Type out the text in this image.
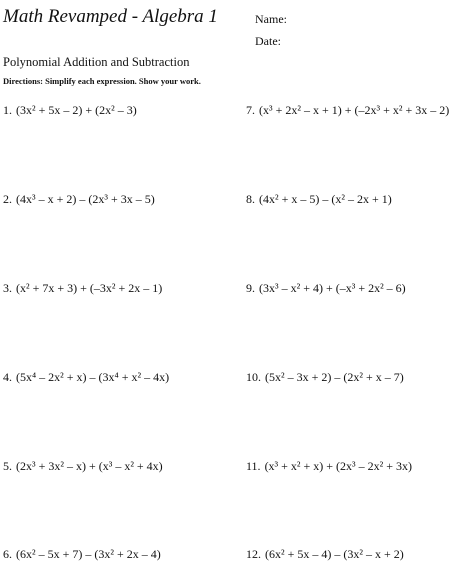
Math Revamped - Algebra 1	Name:
Date:
Polynomial Addition and Subtraction
Directions: Simplify each expression. Show your work.
1. (3x² + 5x – 2) + (2x² – 3)
2. (4x³ – x + 2) – (2x³ + 3x – 5)
3. (x² + 7x + 3) + (–3x² + 2x – 1)
4. (5x⁴ – 2x² + x) – (3x⁴ + x² – 4x)
5. (2x³ + 3x² – x) + (x³ – x² + 4x)
6. (6x² – 5x + 7) – (3x² + 2x – 4)
7. (x³ + 2x² – x + 1) + (–2x³ + x² + 3x – 2)
8. (4x² + x – 5) – (x² – 2x + 1)
9. (3x³ – x² + 4) + (–x³ + 2x² – 6)
10. (5x² – 3x + 2) – (2x² + x – 7)
11. (x³ + x² + x) + (2x³ – 2x² + 3x)
12. (6x² + 5x – 4) – (3x² – x + 2)
